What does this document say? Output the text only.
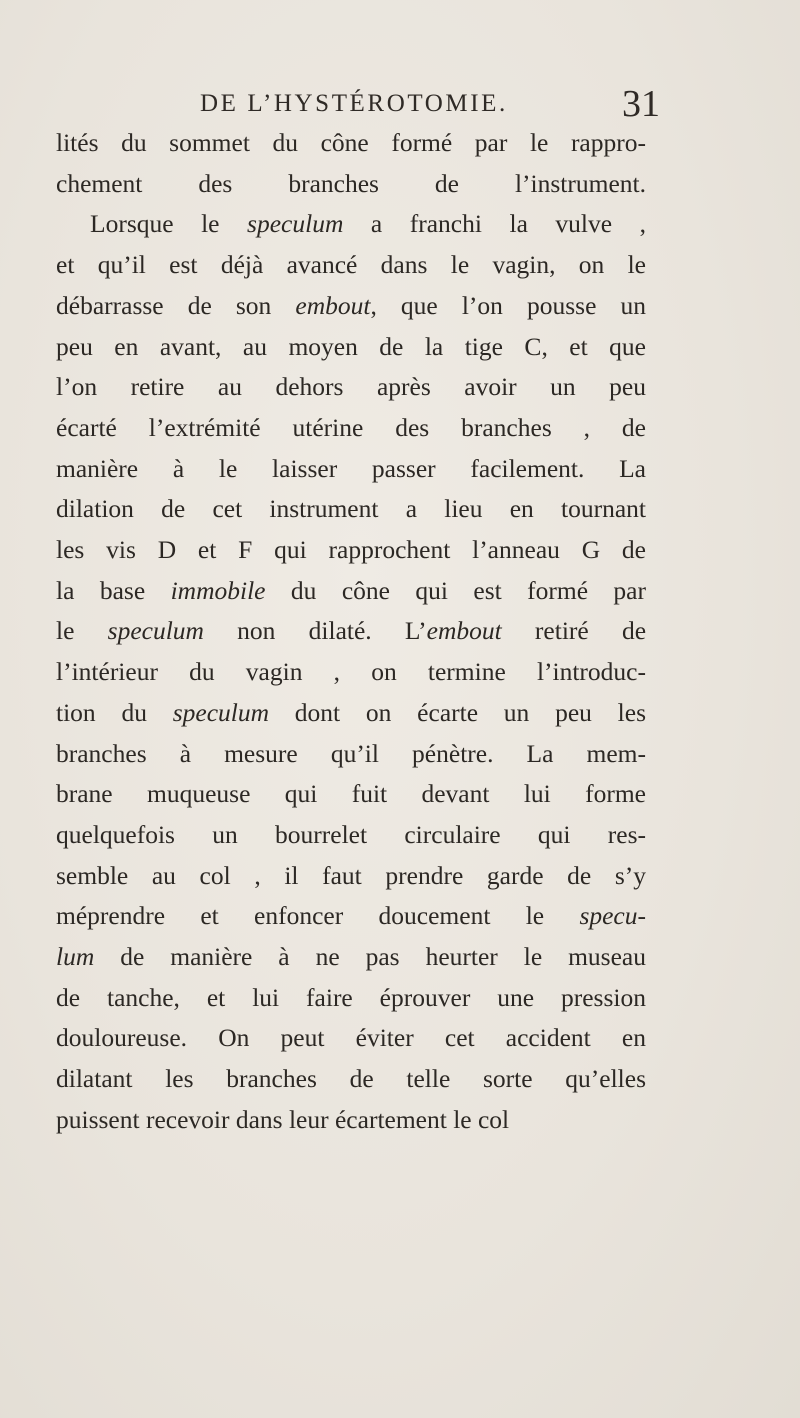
DE L’HYSTÉROTOMIE.	31
lités du sommet du cône formé par le rappro-
chement des branches de l’instrument.
Lorsque le speculum a franchi la vulve ,
et qu’il est déjà avancé dans le vagin, on le
débarrasse de son embout, que l’on pousse un
peu en avant, au moyen de la tige C, et que
l’on retire au dehors après avoir un peu
écarté l’extrémité utérine des branches , de
manière à le laisser passer facilement. La
dilation de cet instrument a lieu en tournant
les vis D et F qui rapprochent l’anneau G de
la base immobile du cône qui est formé par
le speculum non dilaté. L’embout retiré de
l’intérieur du vagin , on termine l’introduc-
tion du speculum dont on écarte un peu les
branches à mesure qu’il pénètre. La mem-
brane muqueuse qui fuit devant lui forme
quelquefois un bourrelet circulaire qui res-
semble au col , il faut prendre garde de s’y
méprendre et enfoncer doucement le specu-
lum de manière à ne pas heurter le museau
de tanche, et lui faire éprouver une pression
douloureuse. On peut éviter cet accident en
dilatant les branches de telle sorte qu’elles
puissent recevoir dans leur écartement le col
